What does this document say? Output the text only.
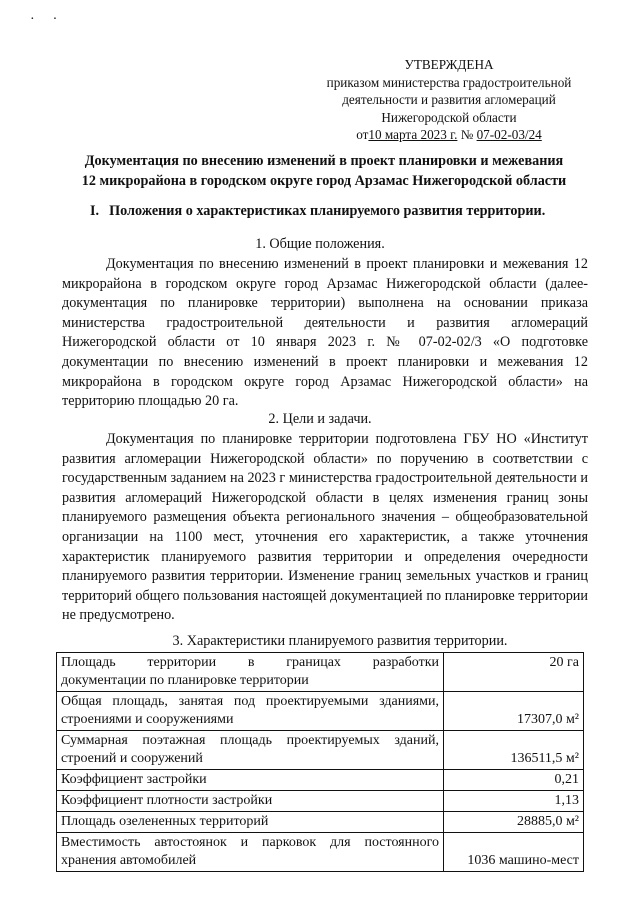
··
УТВЕРЖДЕНА
приказом министерства градостроительной
деятельности и развития агломераций
Нижегородской области
от10 марта 2023 г. № 07-02-03/24
Документация по внесению изменений в проект планировки и межевания
12 микрорайона в городском округе город Арзамас Нижегородской области
I. Положения о характеристиках планируемого развития территории.
1. Общие положения.

Документация по внесению изменений в проект планировки и межевания 12 микрорайона в городском округе город Арзамас Нижегородской области (далее-документация по планировке территории) выполнена на основании приказа министерства градостроительной деятельности и развития агломераций Нижегородской области от 10 января 2023 г. № 07-02-02/3 «О подготовке документации по внесению изменений в проект планировки и межевания 12 микрорайона в городском округе город Арзамас Нижегородской области» на территорию площадью 20 га.

2. Цели и задачи.

Документация по планировке территории подготовлена ГБУ НО «Институт развития агломерации Нижегородской области» по поручению в соответствии с государственным заданием на 2023 г министерства градостроительной деятельности и развития агломераций Нижегородской области в целях изменения границ зоны планируемого размещения объекта регионального значения – общеобразовательной организации на 1100 мест, уточнения его характеристик, а также уточнения характеристик планируемого развития территории и определения очередности планируемого развития территории. Изменение границ земельных участков и границ территорий общего пользования настоящей документацией по планировке территории не предусмотрено.

3. Характеристики планируемого развития территории.
Площадь территории в границах разработки
документации по планировке территории	20 га
Общая площадь, занятая под проектируемыми зданиями, строениями и сооружениями	17307,0 м²
Суммарная поэтажная площадь проектируемых зданий, строений и сооружений	136511,5 м²
Коэффициент застройки	0,21
Коэффициент плотности застройки	1,13
Площадь озелененных территорий	28885,0 м²
Вместимость автостоянок и парковок для постоянного хранения автомобилей	1036 машино-мест
